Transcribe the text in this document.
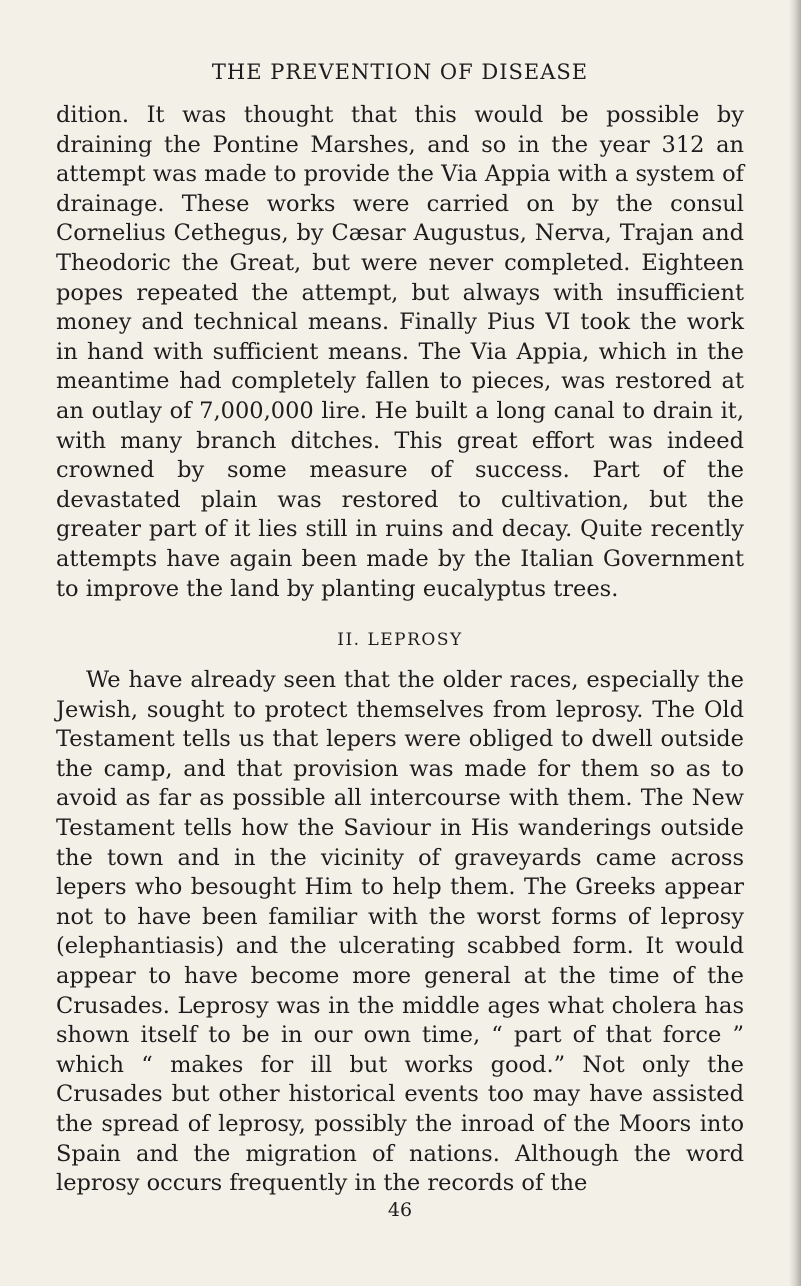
THE PREVENTION OF DISEASE

dition. It was thought that this would be possible by draining the Pontine Marshes, and so in the year 312 an attempt was made to provide the Via Appia with a system of drainage. These works were carried on by the consul Cornelius Cethegus, by Cæsar Augustus, Nerva, Trajan and Theodoric the Great, but were never completed. Eighteen popes repeated the attempt, but always with insufficient money and technical means. Finally Pius VI took the work in hand with sufficient means. The Via Appia, which in the meantime had completely fallen to pieces, was restored at an outlay of 7,000,000 lire. He built a long canal to drain it, with many branch ditches. This great effort was indeed crowned by some measure of success. Part of the devastated plain was restored to cultivation, but the greater part of it lies still in ruins and decay. Quite recently attempts have again been made by the Italian Government to improve the land by planting eucalyptus trees.

II. LEPROSY

We have already seen that the older races, especially the Jewish, sought to protect themselves from leprosy. The Old Testament tells us that lepers were obliged to dwell outside the camp, and that provision was made for them so as to avoid as far as possible all intercourse with them. The New Testament tells how the Saviour in His wanderings outside the town and in the vicinity of graveyards came across lepers who besought Him to help them. The Greeks appear not to have been familiar with the worst forms of leprosy (elephantiasis) and the ulcerating scabbed form. It would appear to have become more general at the time of the Crusades. Leprosy was in the middle ages what cholera has shown itself to be in our own time, “ part of that force ” which “ makes for ill but works good.” Not only the Crusades but other historical events too may have assisted the spread of leprosy, possibly the inroad of the Moors into Spain and the migration of nations. Although the word leprosy occurs frequently in the records of the

46
